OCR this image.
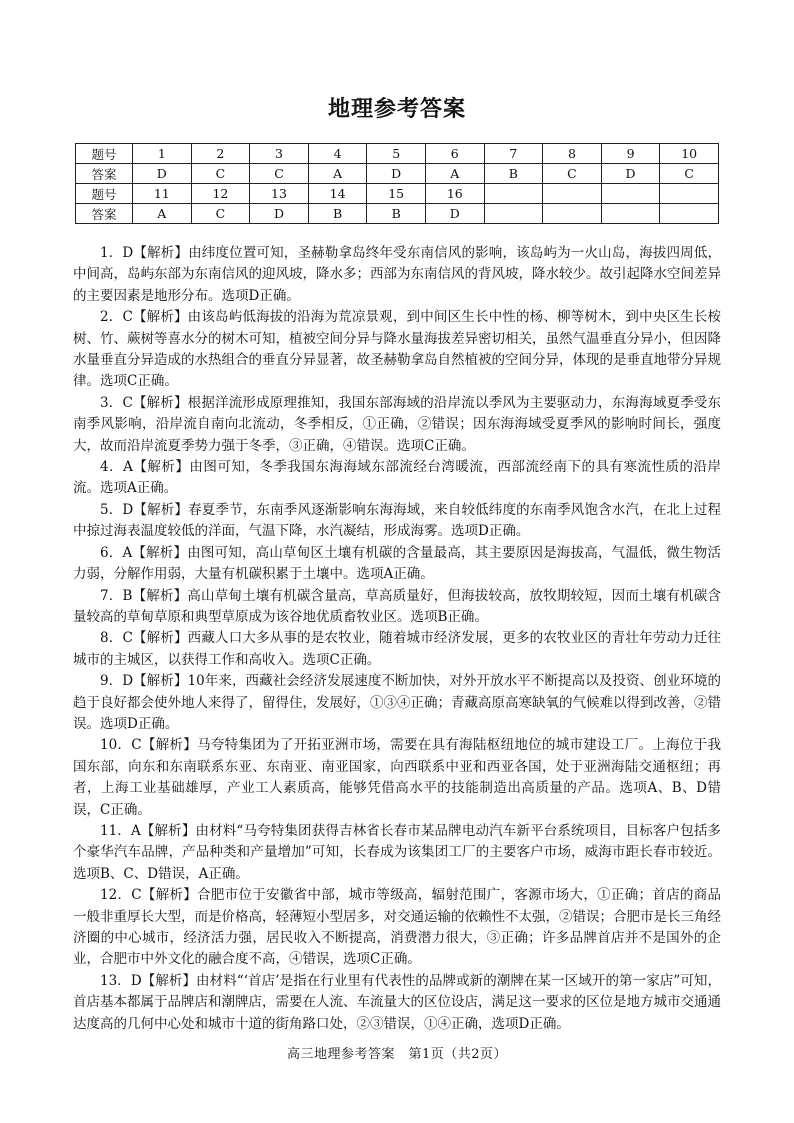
地理参考答案
题号	1	2	3	4	5	6	7	8	9	10
答案	D	C	C	A	D	A	B	C	D	C
题号	11	12	13	14	15	16				
答案	A	C	D	B	B	D				

1．D【解析】由纬度位置可知，圣赫勒拿岛终年受东南信风的影响，该岛屿为一火山岛，海拔四周低，中间高，岛屿东部为东南信风的迎风坡，降水多；西部为东南信风的背风坡，降水较少。故引起降水空间差异的主要因素是地形分布。选项D正确。

2．C【解析】由该岛屿低海拔的沿海为荒凉景观，到中间区生长中性的杨、柳等树木，到中央区生长桉树、竹、蕨树等喜水分的树木可知，植被空间分异与降水量海拔差异密切相关，虽然气温垂直分异小，但因降水量垂直分异造成的水热组合的垂直分异显著，故圣赫勒拿岛自然植被的空间分异，体现的是垂直地带分异规律。选项C正确。

3．C【解析】根据洋流形成原理推知，我国东部海域的沿岸流以季风为主要驱动力，东海海域夏季受东南季风影响，沿岸流自南向北流动，冬季相反，①正确，②错误；因东海海域受夏季风的影响时间长，强度大，故而沿岸流夏季势力强于冬季，③正确，④错误。选项C正确。

4．A【解析】由图可知，冬季我国东海海域东部流经台湾暖流，西部流经南下的具有寒流性质的沿岸流。选项A正确。

5．D【解析】春夏季节，东南季风逐渐影响东海海域，来自较低纬度的东南季风饱含水汽，在北上过程中掠过海表温度较低的洋面，气温下降，水汽凝结，形成海雾。选项D正确。

6．A【解析】由图可知，高山草甸区土壤有机碳的含量最高，其主要原因是海拔高，气温低，微生物活力弱，分解作用弱，大量有机碳积累于土壤中。选项A正确。

7．B【解析】高山草甸土壤有机碳含量高，草高质量好，但海拔较高，放牧期较短，因而土壤有机碳含量较高的草甸草原和典型草原成为该谷地优质畜牧业区。选项B正确。

8．C【解析】西藏人口大多从事的是农牧业，随着城市经济发展，更多的农牧业区的青壮年劳动力迁往城市的主城区，以获得工作和高收入。选项C正确。

9．D【解析】10年来，西藏社会经济发展速度不断加快，对外开放水平不断提高以及投资、创业环境的趋于良好都会使外地人来得了，留得住，发展好，①③④正确；青藏高原高寒缺氧的气候难以得到改善，②错误。选项D正确。

10．C【解析】马夸特集团为了开拓亚洲市场，需要在具有海陆枢纽地位的城市建设工厂。上海位于我国东部，向东和东南联系东亚、东南亚、南亚国家，向西联系中亚和西亚各国，处于亚洲海陆交通枢纽；再者，上海工业基础雄厚，产业工人素质高，能够凭借高水平的技能制造出高质量的产品。选项A、B、D错误，C正确。

11．A【解析】由材料“马夸特集团获得吉林省长春市某品牌电动汽车新平台系统项目，目标客户包括多个豪华汽车品牌，产品种类和产量增加”可知，长春成为该集团工厂的主要客户市场，威海市距长春市较近。选项B、C、D错误，A正确。

12．C【解析】合肥市位于安徽省中部，城市等级高，辐射范围广，客源市场大，①正确；首店的商品一般非重厚长大型，而是价格高，轻薄短小型居多，对交通运输的依赖性不太强，②错误；合肥市是长三角经济圈的中心城市，经济活力强，居民收入不断提高，消费潜力很大，③正确；许多品牌首店并不是国外的企业，合肥市中外文化的融合度不高，④错误，选项C正确。

13．D【解析】由材料“‘首店’是指在行业里有代表性的品牌或新的潮牌在某一区域开的第一家店”可知，首店基本都属于品牌店和潮牌店，需要在人流、车流量大的区位设店，满足这一要求的区位是地方城市交通通达度高的几何中心处和城市十道的街角路口处，②③错误，①④正确，选项D正确。

高三地理参考答案　第1页（共2页）
